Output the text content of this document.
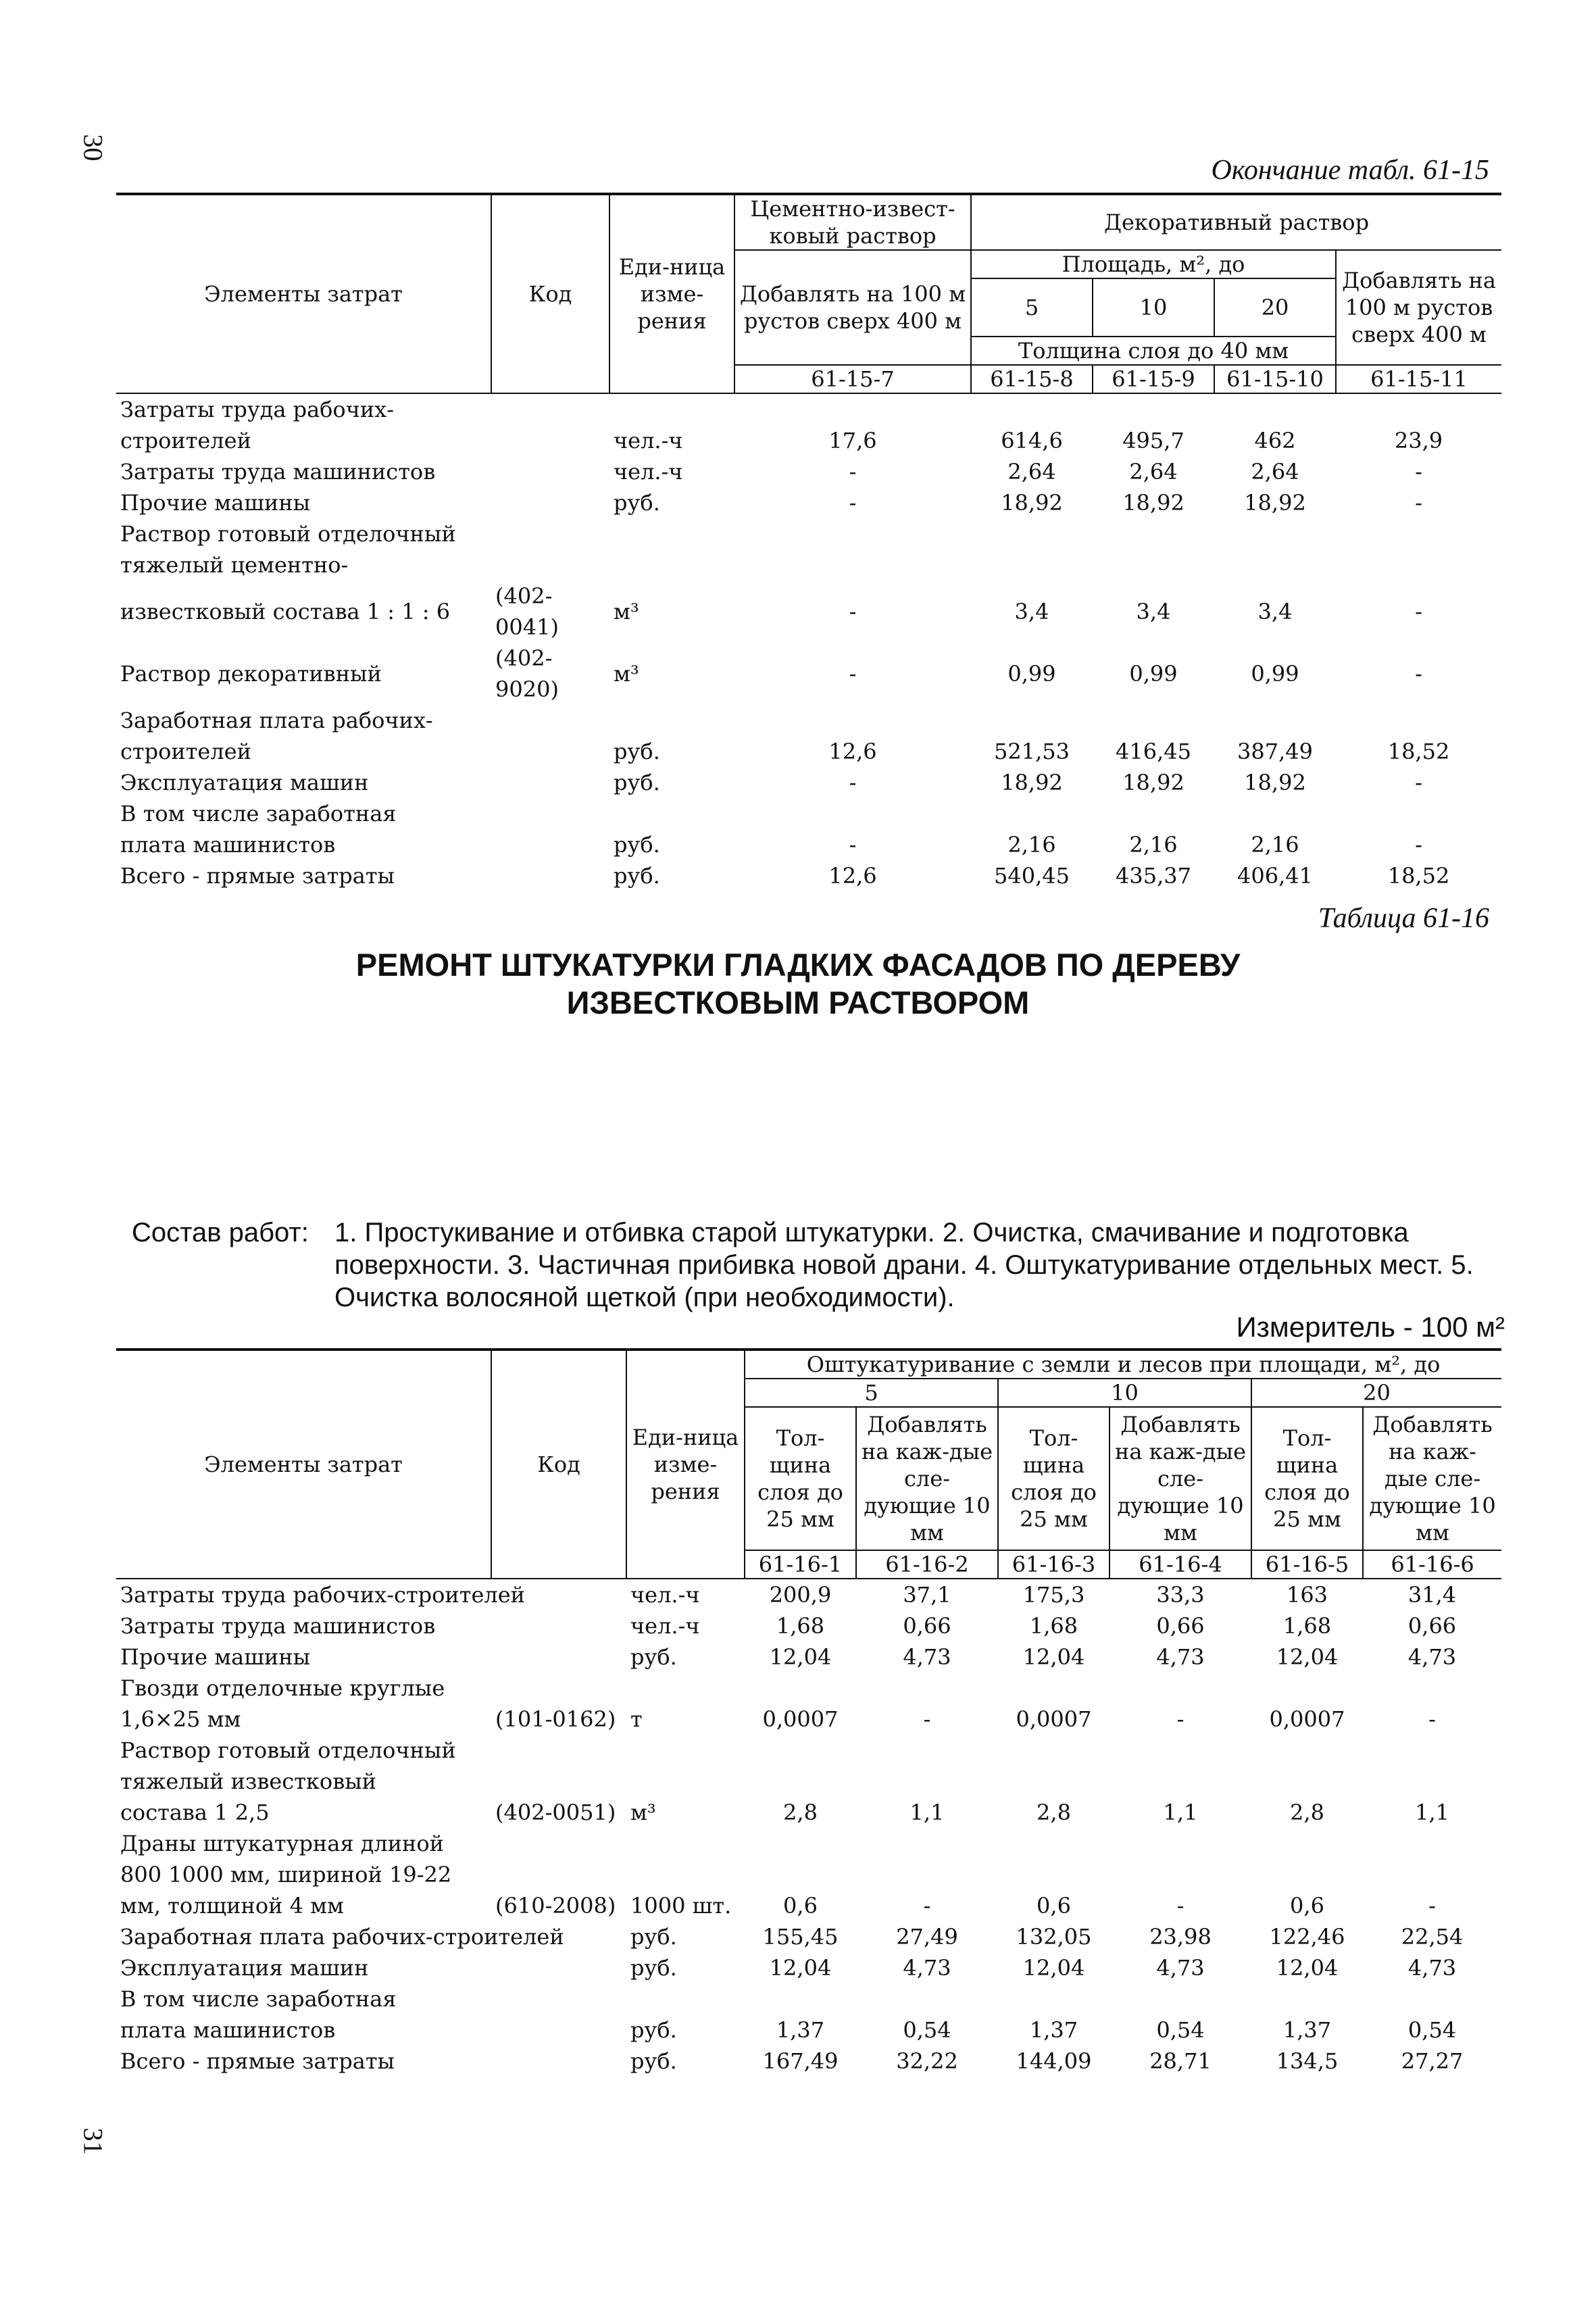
30
31
Окончание табл. 61-15
Элементы затрат	Код	Еди-ница изме-рения	Цементно-извест-ковый раствор	Декоративный раствор			
			Добавлять на 100 м рустов сверх 400 м	Площадь, м², до			Добавлять на 100 м рустов сверх 400 м
				5	10	20	
				Толщина слоя до 40 мм			
			61-15-7	61-15-8	61-15-9	61-15-10	61-15-11
Затраты труда рабочих-							
строителей		чел.-ч	17,6	614,6	495,7	462	23,9
Затраты труда машинистов		чел.-ч	-	2,64	2,64	2,64	-
Прочие машины		руб.	-	18,92	18,92	18,92	-
Раствор готовый отделочный							
тяжелый цементно-							
известковый состава 1 : 1 : 6	(402-0041)	м³	-	3,4	3,4	3,4	-
Раствор декоративный	(402-9020)	м³	-	0,99	0,99	0,99	-
Заработная плата рабочих-							
строителей		руб.	12,6	521,53	416,45	387,49	18,52
Эксплуатация машин		руб.	-	18,92	18,92	18,92	-
В том числе заработная							
плата машинистов		руб.	-	2,16	2,16	2,16	-
Всего - прямые затраты		руб.	12,6	540,45	435,37	406,41	18,52
Таблица 61-16
РЕМОНТ ШТУКАТУРКИ ГЛАДКИХ ФАСАДОВ ПО ДЕРЕВУ
ИЗВЕСТКОВЫМ РАСТВОРОМ
Состав работ: 1. Простукивание и отбивка старой штукатурки. 2. Очистка, смачивание и подготовка поверхности. 3. Частичная прибивка новой драни. 4. Оштукатуривание отдельных мест. 5. Очистка волосяной щеткой (при необходимости).
Измеритель - 100 м²
Элементы затрат	Код	Еди-ница изме-рения	Оштукатуривание с земли и лесов при площади, м², до					
			5		10		20	
			Тол-щина слоя до 25 мм	Добавлять на каж-дые сле-дующие 10 мм	Тол-щина слоя до 25 мм	Добавлять на каж-дые сле-дующие 10 мм	Тол-щина слоя до 25 мм	Добавлять на каж-дые сле-дующие 10 мм
			61-16-1	61-16-2	61-16-3	61-16-4	61-16-5	61-16-6
Затраты труда рабочих-строителей		чел.-ч	200,9	37,1	175,3	33,3	163	31,4
Затраты труда машинистов		чел.-ч	1,68	0,66	1,68	0,66	1,68	0,66
Прочие машины		руб.	12,04	4,73	12,04	4,73	12,04	4,73
Гвозди отделочные круглые								
1,6×25 мм	(101-0162)	т	0,0007	-	0,0007	-	0,0007	-
Раствор готовый отделочный								
тяжелый известковый								
состава 1 2,5	(402-0051)	м³	2,8	1,1	2,8	1,1	2,8	1,1
Драны штукатурная длиной								
800 1000 мм, шириной 19-22								
мм, толщиной 4 мм	(610-2008)	1000 шт.	0,6	-	0,6	-	0,6	-
Заработная плата рабочих-строителей		руб.	155,45	27,49	132,05	23,98	122,46	22,54
Эксплуатация машин		руб.	12,04	4,73	12,04	4,73	12,04	4,73
В том числе заработная								
плата машинистов		руб.	1,37	0,54	1,37	0,54	1,37	0,54
Всего - прямые затраты		руб.	167,49	32,22	144,09	28,71	134,5	27,27
